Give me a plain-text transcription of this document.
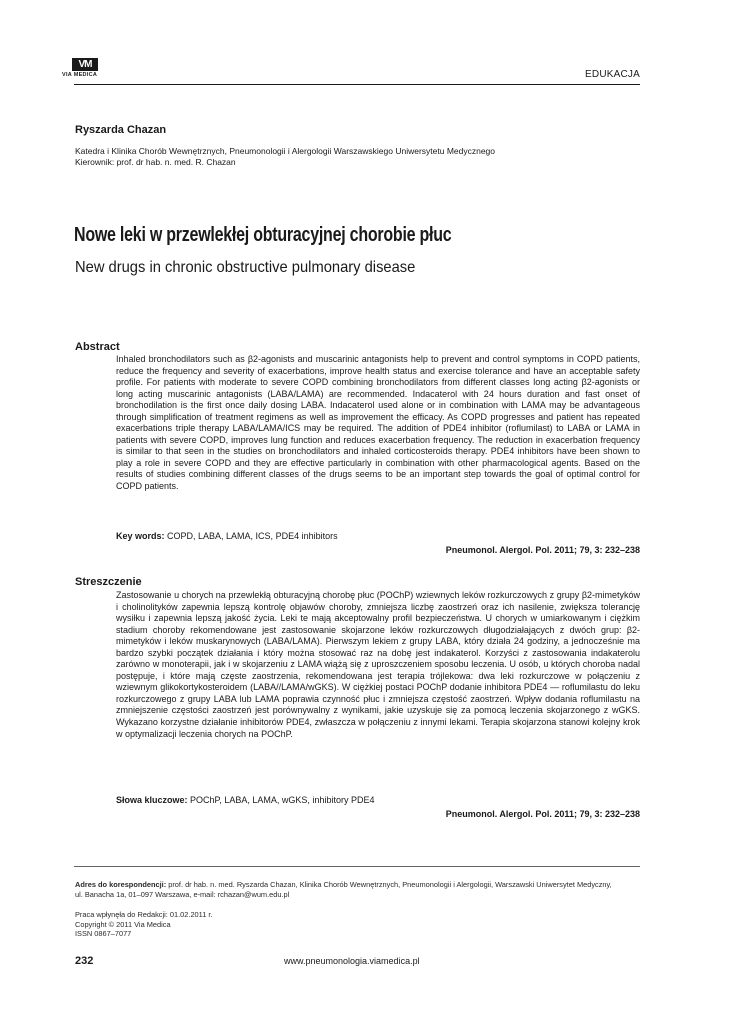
VM
VIA MEDICA	EDUKACJA
Ryszarda Chazan
Katedra i Klinika Chorób Wewnętrznych, Pneumonologii i Alergologii Warszawskiego Uniwersytetu Medycznego
Kierownik: prof. dr hab. n. med. R. Chazan
Nowe leki w przewlekłej obturacyjnej chorobie płuc
New drugs in chronic obstructive pulmonary disease
Abstract
Inhaled bronchodilators such as β2-agonists and muscarinic antagonists help to prevent and control symptoms in COPD patients, reduce the frequency and severity of exacerbations, improve health status and exercise tolerance and have an acceptable safety profile. For patients with moderate to severe COPD combining bronchodilators from different classes long acting β2-agonists or long acting muscarinic antagonists (LABA/LAMA) are recommended. Indacaterol with 24 hours duration and fast onset of bronchodilation is the first once daily dosing LABA. Indacaterol used alone or in combination with LAMA may be advantageous through simplification of treatment regimens as well as improvement the efficacy. As COPD progresses and patient has repeated exacerbations triple therapy LABA/LAMA/ICS may be required. The addition of PDE4 inhibitor (roflumilast) to LABA or LAMA in patients with severe COPD, improves lung function and reduces exacerbation frequency. The reduction in exacerbation frequency is similar to that seen in the studies on bronchodilators and inhaled corticosteroids therapy. PDE4 inhibitors have been shown to play a role in severe COPD and they are effective particularly in combination with other pharmacological agents. Based on the results of studies combining different classes of the drugs seems to be an important step towards the goal of optimal control for COPD patients.
Key words: COPD, LABA, LAMA, ICS, PDE4 inhibitors
Pneumonol. Alergol. Pol. 2011; 79, 3: 232–238
Streszczenie
Zastosowanie u chorych na przewlekłą obturacyjną chorobę płuc (POChP) wziewnych leków rozkurczowych z grupy β2-mimetyków i cholinolityków zapewnia lepszą kontrolę objawów choroby, zmniejsza liczbę zaostrzeń oraz ich nasilenie, zwiększa tolerancję wysiłku i zapewnia lepszą jakość życia. Leki te mają akceptowalny profil bezpieczeństwa. U chorych w umiarkowanym i ciężkim stadium choroby rekomendowane jest zastosowanie skojarzone leków rozkurczowych długodziałających z dwóch grup: β2-mimetyków i leków muskarynowych (LABA/LAMA). Pierwszym lekiem z grupy LABA, który działa 24 godziny, a jednocześnie ma bardzo szybki początek działania i który można stosować raz na dobę jest indakaterol. Korzyści z zastosowania indakaterolu zarówno w monoterapii, jak i w skojarzeniu z LAMA wiążą się z uproszczeniem sposobu leczenia. U osób, u których choroba nadal postępuje, i które mają częste zaostrzenia, rekomendowana jest terapia trójlekowa: dwa leki rozkurczowe w połączeniu z wziewnym glikokortykosteroidem (LABA//LAMA/wGKS). W ciężkiej postaci POChP dodanie inhibitora PDE4 — roflumilastu do leku rozkurczowego z grupy LABA lub LAMA poprawia czynność płuc i zmniejsza częstość zaostrzeń. Wpływ dodania roflumilastu na zmniejszenie częstości zaostrzeń jest porównywalny z wynikami, jakie uzyskuje się za pomocą leczenia skojarzonego z wGKS. Wykazano korzystne działanie inhibitorów PDE4, zwłaszcza w połączeniu z innymi lekami. Terapia skojarzona stanowi kolejny krok w optymalizacji leczenia chorych na POChP.
Słowa kluczowe: POChP, LABA, LAMA, wGKS, inhibitory PDE4
Pneumonol. Alergol. Pol. 2011; 79, 3: 232–238
Adres do korespondencji: prof. dr hab. n. med. Ryszarda Chazan, Klinika Chorób Wewnętrznych, Pneumonologii i Alergologii, Warszawski Uniwersytet Medyczny,
ul. Banacha 1a, 01–097 Warszawa, e-mail: rchazan@wum.edu.pl
Praca wpłynęła do Redakcji: 01.02.2011 r.
Copyright © 2011 Via Medica
ISSN 0867–7077
232	www.pneumonologia.viamedica.pl
